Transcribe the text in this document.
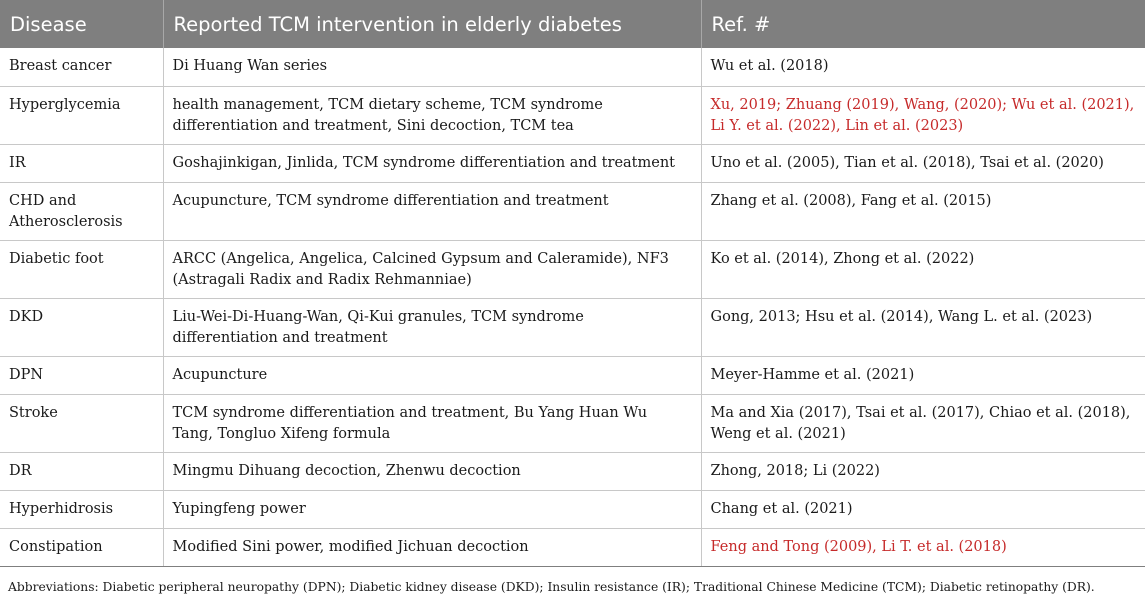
Disease	Reported TCM intervention in elderly diabetes	Ref. #
Breast cancer	Di Huang Wan series	Wu et al. (2018)
Hyperglycemia	health management, TCM dietary scheme, TCM syndrome differentiation and treatment, Sini decoction, TCM tea	Xu, 2019; Zhuang (2019), Wang, (2020); Wu et al. (2021), Li Y. et al. (2022), Lin et al. (2023)
IR	Goshajinkigan, Jinlida, TCM syndrome differentiation and treatment	Uno et al. (2005), Tian et al. (2018), Tsai et al. (2020)
CHD and Atherosclerosis	Acupuncture, TCM syndrome differentiation and treatment	Zhang et al. (2008), Fang et al. (2015)
Diabetic foot	ARCC (Angelica, Angelica, Calcined Gypsum and Caleramide), NF3 (Astragali Radix and Radix Rehmanniae)	Ko et al. (2014), Zhong et al. (2022)
DKD	Liu-Wei-Di-Huang-Wan, Qi-Kui granules, TCM syndrome differentiation and treatment	Gong, 2013; Hsu et al. (2014), Wang L. et al. (2023)
DPN	Acupuncture	Meyer-Hamme et al. (2021)
Stroke	TCM syndrome differentiation and treatment, Bu Yang Huan Wu Tang, Tongluo Xifeng formula	Ma and Xia (2017), Tsai et al. (2017), Chiao et al. (2018), Weng et al. (2021)
DR	Mingmu Dihuang decoction, Zhenwu decoction	Zhong, 2018; Li (2022)
Hyperhidrosis	Yupingfeng power	Chang et al. (2021)
Constipation	Modified Sini power, modified Jichuan decoction	Feng and Tong (2009), Li T. et al. (2018)
Abbreviations: Diabetic peripheral neuropathy (DPN); Diabetic kidney disease (DKD); Insulin resistance (IR); Traditional Chinese Medicine (TCM); Diabetic retinopathy (DR).
